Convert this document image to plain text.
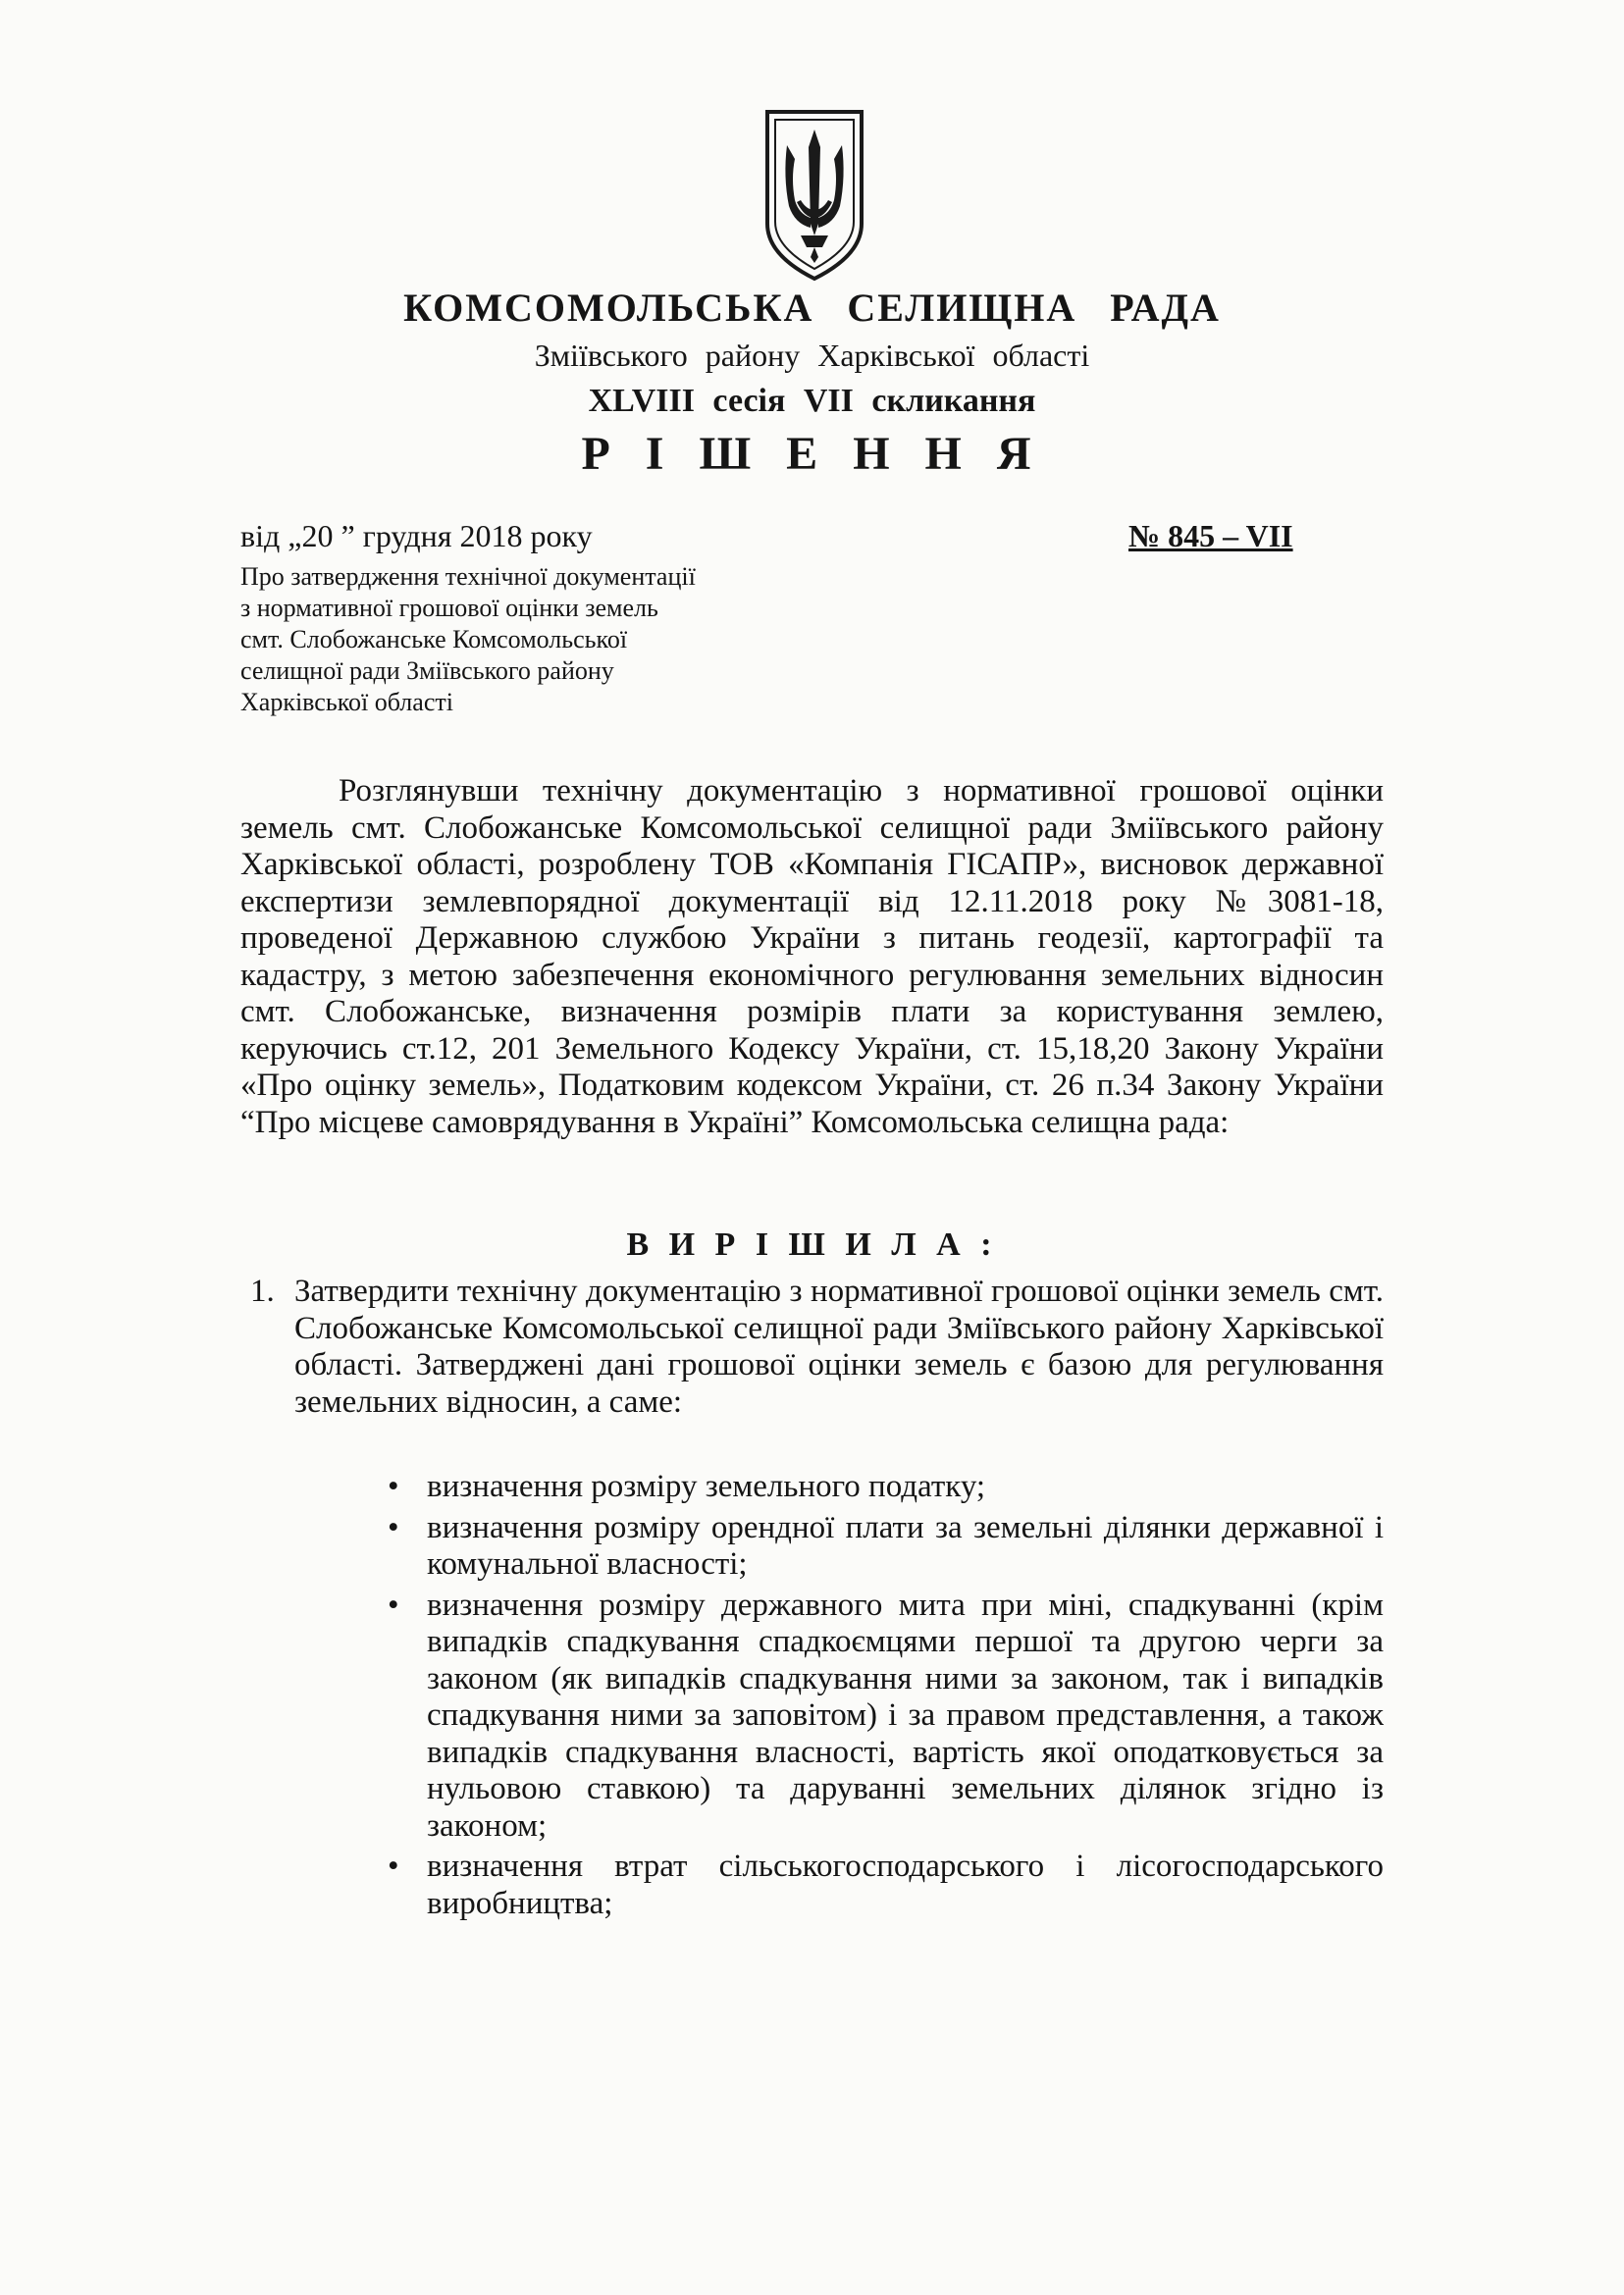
КОМСОМОЛЬСЬКА СЕЛИЩНА РАДА
Зміївського району Харківської області
XLVIII сесія VII скликання
Р І Ш Е Н Н Я
від „20 ” грудня 2018 року	№ 845 – VII
Про затвердження технічної документації
з нормативної грошової оцінки земель
смт. Слобожанське Комсомольської
селищної ради Зміївського району
Харківської області
Розглянувши технічну документацію з нормативної грошової оцінки земель смт. Слобожанське Комсомольської селищної ради Зміївського району Харківської області, розроблену ТОВ «Компанія ГІСАПР», висновок державної експертизи землевпорядної документації від 12.11.2018 року №3081-18, проведеної Державною службою України з питань геодезії, картографії та кадастру, з метою забезпечення економічного регулювання земельних відносин смт. Слобожанське, визначення розмірів плати за користування землею, керуючись ст.12, 201 Земельного Кодексу України, ст. 15,18,20 Закону України «Про оцінку земель», Податковим кодексом України, ст. 26 п.34 Закону України “Про місцеве самоврядування в Україні” Комсомольська селищна рада:
В И Р І Ш И Л А :
1. Затвердити технічну документацію з нормативної грошової оцінки земель смт. Слобожанське Комсомольської селищної ради Зміївського району Харківської області. Затверджені дані грошової оцінки земель є базою для регулювання земельних відносин, а саме:
• визначення розміру земельного податку;
• визначення розміру орендної плати за земельні ділянки державної і комунальної власності;
• визначення розміру державного мита при міні, спадкуванні (крім випадків спадкування спадкоємцями першої та другою черги за законом (як випадків спадкування ними за законом, так і випадків спадкування ними за заповітом) і за правом представлення, а також випадків спадкування власності, вартість якої оподатковується за нульовою ставкою) та даруванні земельних ділянок згідно із законом;
• визначення втрат сільськогосподарського і лісогосподарського виробництва;
